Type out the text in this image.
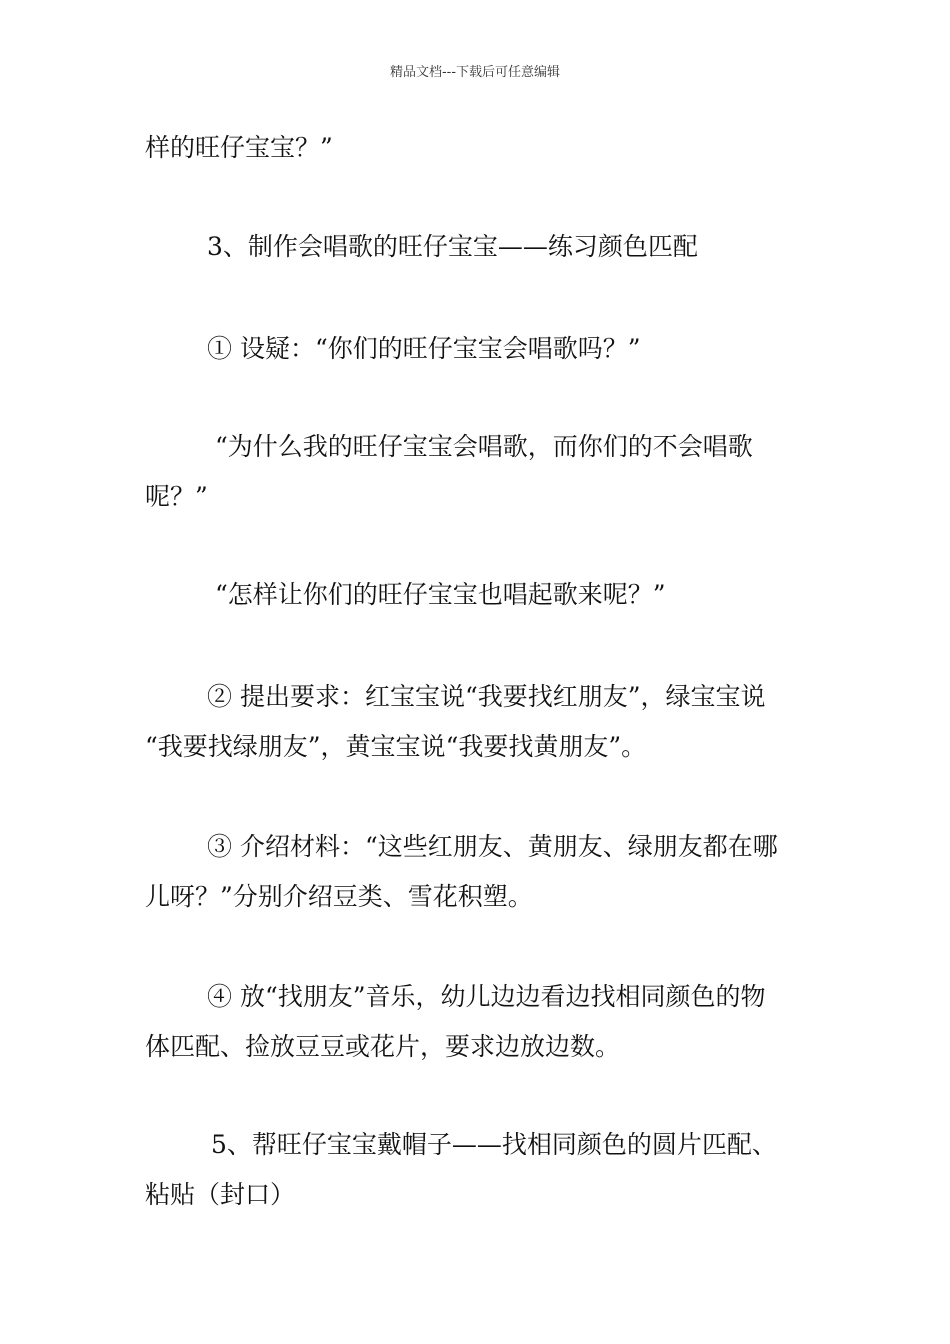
精品文档---下载后可任意编辑
样的旺仔宝宝？”
3、制作会唱歌的旺仔宝宝——练习颜色匹配
① 设疑：“你们的旺仔宝宝会唱歌吗？”
“为什么我的旺仔宝宝会唱歌，而你们的不会唱歌
呢？”
“怎样让你们的旺仔宝宝也唱起歌来呢？”
② 提出要求：红宝宝说“我要找红朋友”，绿宝宝说
“我要找绿朋友”，黄宝宝说“我要找黄朋友”。
③ 介绍材料：“这些红朋友、黄朋友、绿朋友都在哪
儿呀？”分别介绍豆类、雪花积塑。
④ 放“找朋友”音乐，幼儿边边看边找相同颜色的物
体匹配、捡放豆豆或花片，要求边放边数。
5、帮旺仔宝宝戴帽子——找相同颜色的圆片匹配、
粘贴（封口）
